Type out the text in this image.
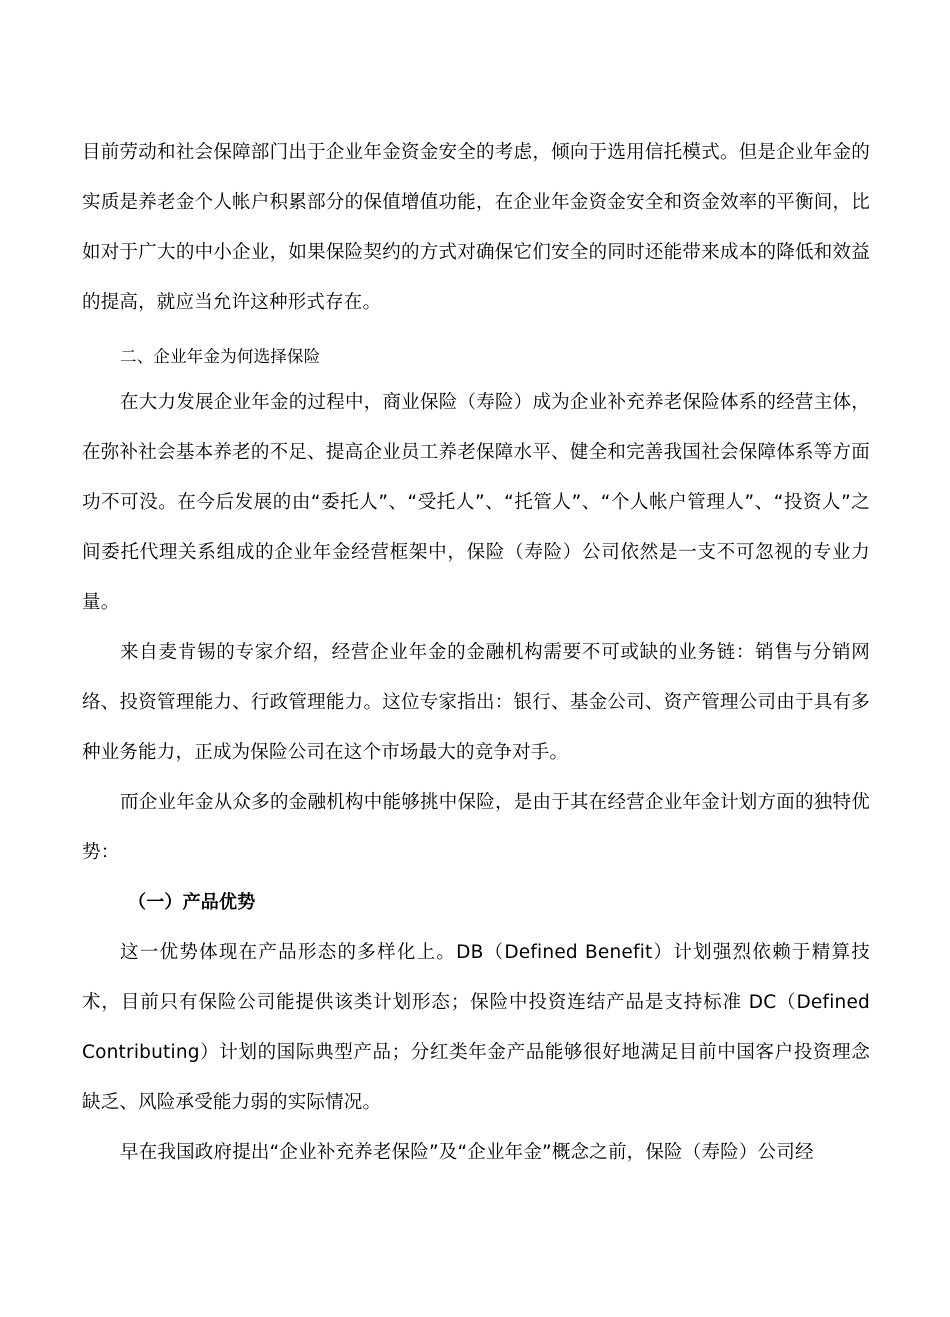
目前劳动和社会保障部门出于企业年金资金安全的考虑，倾向于选用信托模式。但是企业年金的实质是养老金个人帐户积累部分的保值增值功能，在企业年金资金安全和资金效率的平衡间，比如对于广大的中小企业，如果保险契约的方式对确保它们安全的同时还能带来成本的降低和效益的提高，就应当允许这种形式存在。

二、企业年金为何选择保险

在大力发展企业年金的过程中，商业保险（寿险）成为企业补充养老保险体系的经营主体，在弥补社会基本养老的不足、提高企业员工养老保障水平、健全和完善我国社会保障体系等方面功不可没。在今后发展的由“委托人”、“受托人”、“托管人”、“个人帐户管理人”、“投资人”之间委托代理关系组成的企业年金经营框架中，保险（寿险）公司依然是一支不可忽视的专业力量。

来自麦肯锡的专家介绍，经营企业年金的金融机构需要不可或缺的业务链：销售与分销网络、投资管理能力、行政管理能力。这位专家指出：银行、基金公司、资产管理公司由于具有多种业务能力，正成为保险公司在这个市场最大的竞争对手。

而企业年金从众多的金融机构中能够挑中保险，是由于其在经营企业年金计划方面的独特优势：

（一）产品优势

这一优势体现在产品形态的多样化上。DB（Defined Benefit）计划强烈依赖于精算技术，目前只有保险公司能提供该类计划形态；保险中投资连结产品是支持标准 DC（Defined Contributing）计划的国际典型产品；分红类年金产品能够很好地满足目前中国客户投资理念缺乏、风险承受能力弱的实际情况。

早在我国政府提出“企业补充养老保险”及“企业年金”概念之前，保险（寿险）公司经
